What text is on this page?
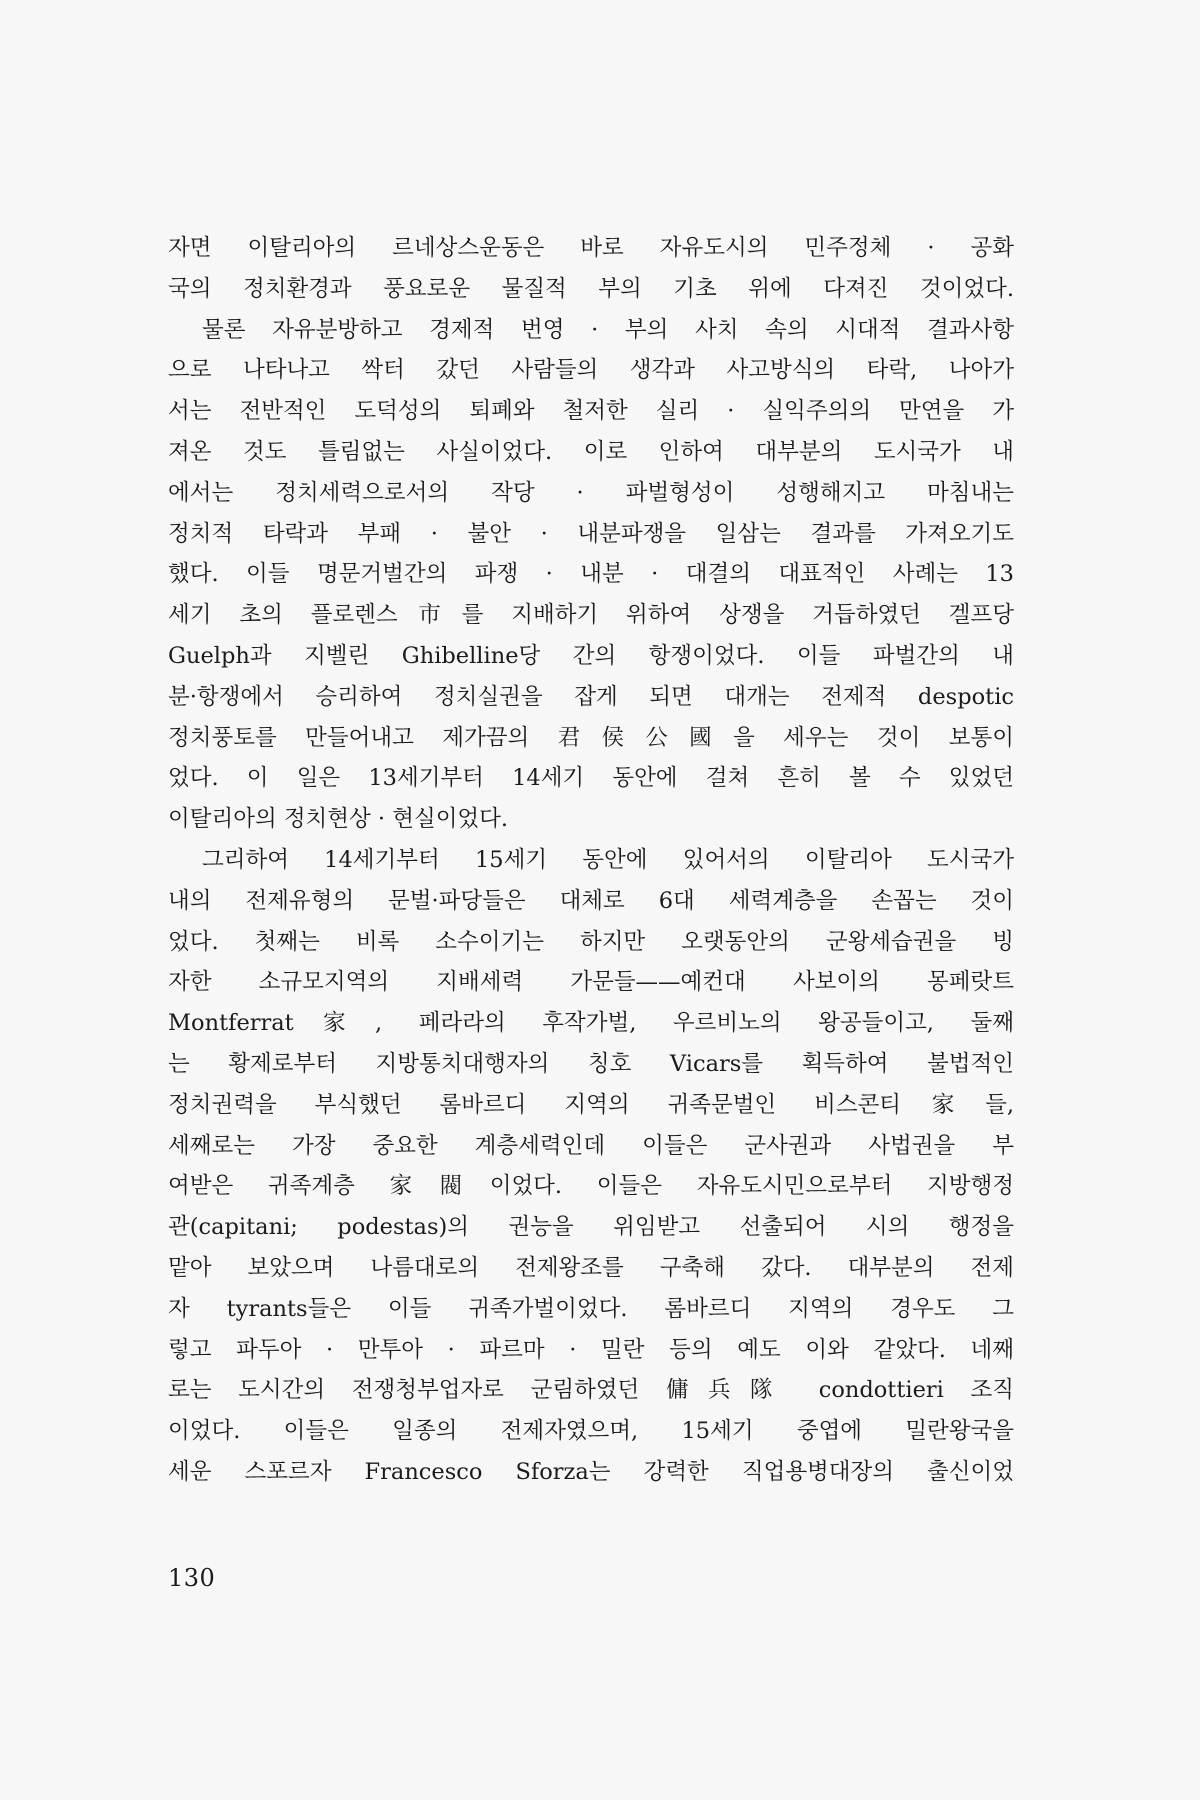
자면 이탈리아의 르네상스운동은 바로 자유도시의 민주정체 · 공화
국의 정치환경과 풍요로운 물질적 부의 기초 위에 다져진 것이었다.
물론 자유분방하고 경제적 번영 · 부의 사치 속의 시대적 결과사항
으로 나타나고 싹터 갔던 사람들의 생각과 사고방식의 타락, 나아가
서는 전반적인 도덕성의 퇴폐와 철저한 실리 · 실익주의의 만연을 가
져온 것도 틀림없는 사실이었다. 이로 인하여 대부분의 도시국가 내
에서는 정치세력으로서의 작당 · 파벌형성이 성행해지고 마침내는
정치적 타락과 부패 · 불안 · 내분파쟁을 일삼는 결과를 가져오기도
했다. 이들 명문거벌간의 파쟁 · 내분 · 대결의 대표적인 사례는 13
세기 초의 플로렌스市를 지배하기 위하여 상쟁을 거듭하였던 겔프당
Guelph과 지벨린 Ghibelline당 간의 항쟁이었다. 이들 파벌간의 내
분·항쟁에서 승리하여 정치실권을 잡게 되면 대개는 전제적 despotic
정치풍토를 만들어내고 제가끔의 君侯公國을 세우는 것이 보통이
었다. 이 일은 13세기부터 14세기 동안에 걸쳐 흔히 볼 수 있었던
이탈리아의 정치현상 · 현실이었다.
그리하여 14세기부터 15세기 동안에 있어서의 이탈리아 도시국가
내의 전제유형의 문벌·파당들은 대체로 6대 세력계층을 손꼽는 것이
었다. 첫째는 비록 소수이기는 하지만 오랫동안의 군왕세습권을 빙
자한 소규모지역의 지배세력 가문들——예컨대 사보이의 몽페랏트
Montferrat家, 페라라의 후작가벌, 우르비노의 왕공들이고, 둘째
는 황제로부터 지방통치대행자의 칭호 Vicars를 획득하여 불법적인
정치권력을 부식했던 롬바르디 지역의 귀족문벌인 비스콘티家들,
세째로는 가장 중요한 계층세력인데 이들은 군사권과 사법권을 부
여받은 귀족계층 家閥이었다. 이들은 자유도시민으로부터 지방행정
관(capitani; podestas)의 권능을 위임받고 선출되어 시의 행정을
맡아 보았으며 나름대로의 전제왕조를 구축해 갔다. 대부분의 전제
자 tyrants들은 이들 귀족가벌이었다. 롬바르디 지역의 경우도 그
렇고 파두아 · 만투아 · 파르마 · 밀란 등의 예도 이와 같았다. 네째
로는 도시간의 전쟁청부업자로 군림하였던 傭兵隊 condottieri 조직
이었다. 이들은 일종의 전제자였으며, 15세기 중엽에 밀란왕국을
세운 스포르자 Francesco Sforza는 강력한 직업용병대장의 출신이었
130
